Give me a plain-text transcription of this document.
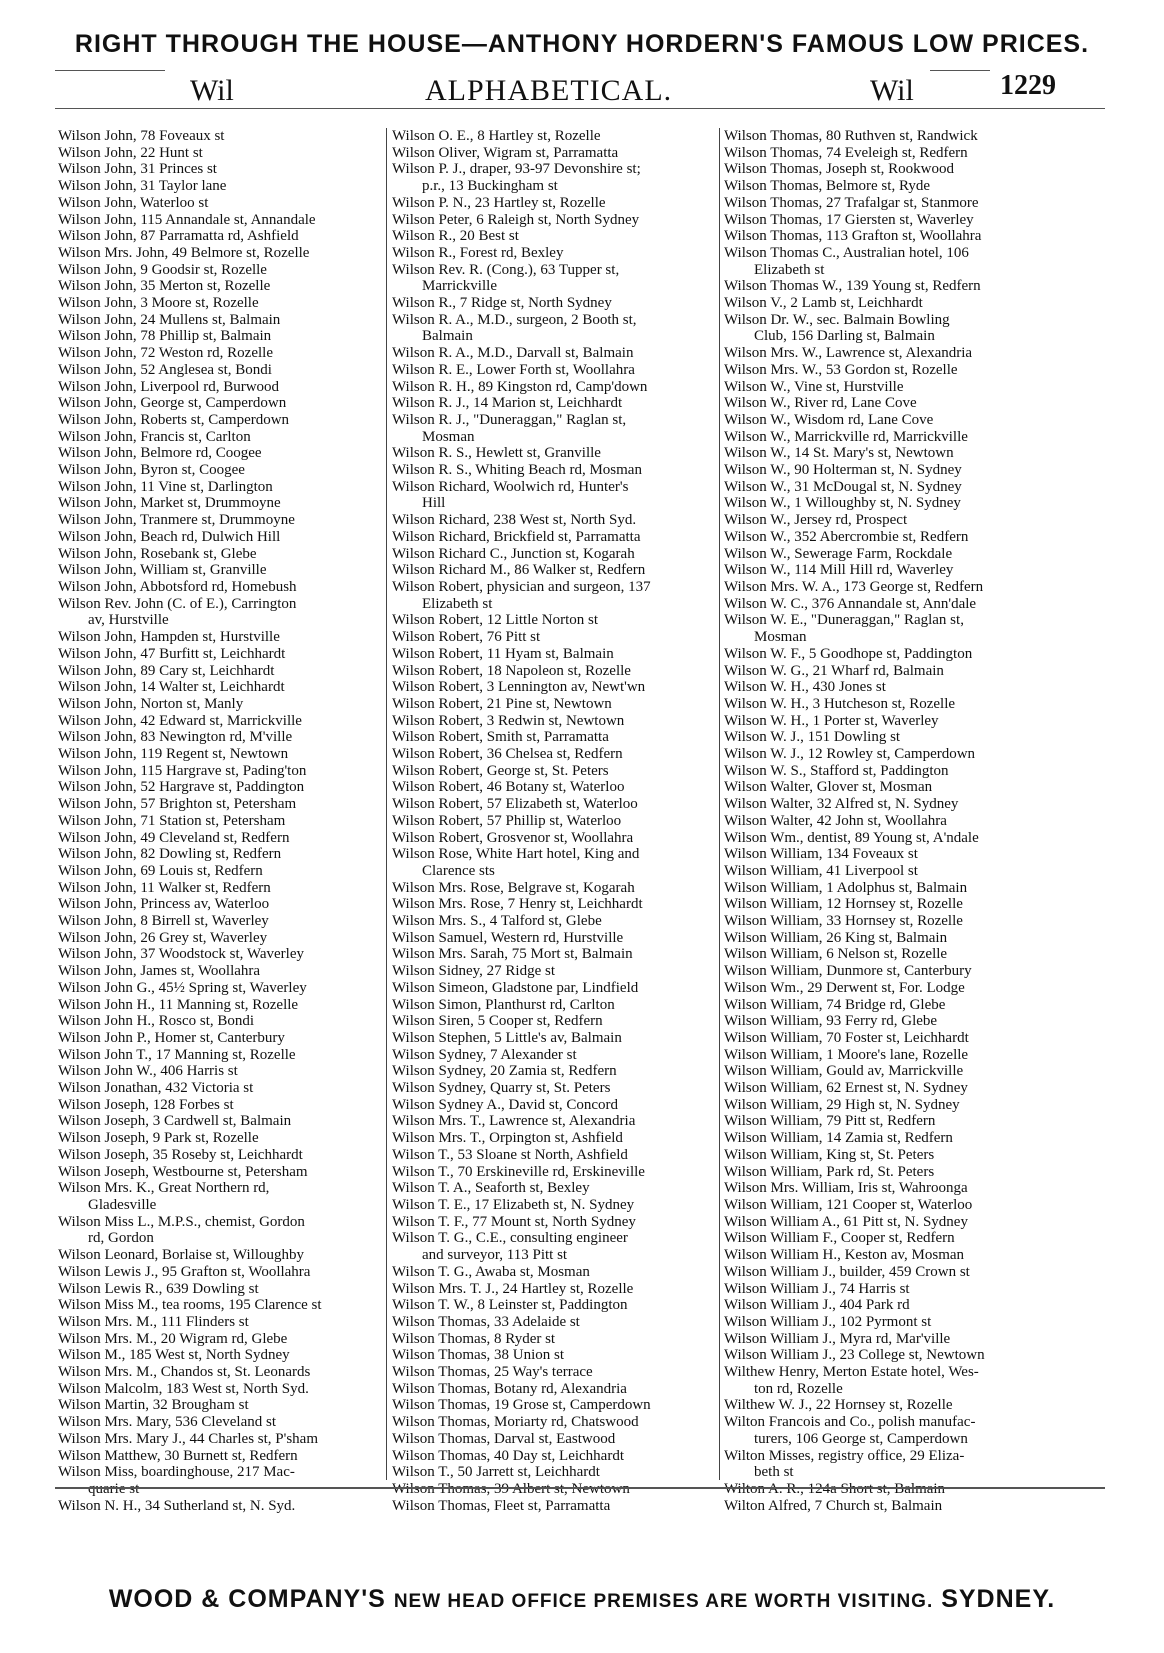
RIGHT THROUGH THE HOUSE—ANTHONY HORDERN'S FAMOUS LOW PRICES.
Wil	ALPHABETICAL.	Wil	1229
Wilson John, 78 Foveaux st
Wilson John, 22 Hunt st
Wilson John, 31 Princes st
Wilson John, 31 Taylor lane
Wilson John, Waterloo st
Wilson John, 115 Annandale st, Annandale
Wilson John, 87 Parramatta rd, Ashfield
Wilson Mrs. John, 49 Belmore st, Rozelle
Wilson John, 9 Goodsir st, Rozelle
Wilson John, 35 Merton st, Rozelle
Wilson John, 3 Moore st, Rozelle
Wilson John, 24 Mullens st, Balmain
Wilson John, 78 Phillip st, Balmain
Wilson John, 72 Weston rd, Rozelle
Wilson John, 52 Anglesea st, Bondi
Wilson John, Liverpool rd, Burwood
Wilson John, George st, Camperdown
Wilson John, Roberts st, Camperdown
Wilson John, Francis st, Carlton
Wilson John, Belmore rd, Coogee
Wilson John, Byron st, Coogee
Wilson John, 11 Vine st, Darlington
Wilson John, Market st, Drummoyne
Wilson John, Tranmere st, Drummoyne
Wilson John, Beach rd, Dulwich Hill
Wilson John, Rosebank st, Glebe
Wilson John, William st, Granville
Wilson John, Abbotsford rd, Homebush
Wilson Rev. John (C. of E.), Carrington
av, Hurstville
Wilson John, Hampden st, Hurstville
Wilson John, 47 Burfitt st, Leichhardt
Wilson John, 89 Cary st, Leichhardt
Wilson John, 14 Walter st, Leichhardt
Wilson John, Norton st, Manly
Wilson John, 42 Edward st, Marrickville
Wilson John, 83 Newington rd, M'ville
Wilson John, 119 Regent st, Newtown
Wilson John, 115 Hargrave st, Pading'ton
Wilson John, 52 Hargrave st, Paddington
Wilson John, 57 Brighton st, Petersham
Wilson John, 71 Station st, Petersham
Wilson John, 49 Cleveland st, Redfern
Wilson John, 82 Dowling st, Redfern
Wilson John, 69 Louis st, Redfern
Wilson John, 11 Walker st, Redfern
Wilson John, Princess av, Waterloo
Wilson John, 8 Birrell st, Waverley
Wilson John, 26 Grey st, Waverley
Wilson John, 37 Woodstock st, Waverley
Wilson John, James st, Woollahra
Wilson John G., 45½ Spring st, Waverley
Wilson John H., 11 Manning st, Rozelle
Wilson John H., Rosco st, Bondi
Wilson John P., Homer st, Canterbury
Wilson John T., 17 Manning st, Rozelle
Wilson John W., 406 Harris st
Wilson Jonathan, 432 Victoria st
Wilson Joseph, 128 Forbes st
Wilson Joseph, 3 Cardwell st, Balmain
Wilson Joseph, 9 Park st, Rozelle
Wilson Joseph, 35 Roseby st, Leichhardt
Wilson Joseph, Westbourne st, Petersham
Wilson Mrs. K., Great Northern rd,
Gladesville
Wilson Miss L., M.P.S., chemist, Gordon
rd, Gordon
Wilson Leonard, Borlaise st, Willoughby
Wilson Lewis J., 95 Grafton st, Woollahra
Wilson Lewis R., 639 Dowling st
Wilson Miss M., tea rooms, 195 Clarence st
Wilson Mrs. M., 111 Flinders st
Wilson Mrs. M., 20 Wigram rd, Glebe
Wilson M., 185 West st, North Sydney
Wilson Mrs. M., Chandos st, St. Leonards
Wilson Malcolm, 183 West st, North Syd.
Wilson Martin, 32 Brougham st
Wilson Mrs. Mary, 536 Cleveland st
Wilson Mrs. Mary J., 44 Charles st, P'sham
Wilson Matthew, 30 Burnett st, Redfern
Wilson Miss, boardinghouse, 217 Mac-
quarie st
Wilson N. H., 34 Sutherland st, N. Syd.
Wilson O. E., 8 Hartley st, Rozelle
Wilson Oliver, Wigram st, Parramatta
Wilson P. J., draper, 93-97 Devonshire st;
p.r., 13 Buckingham st
Wilson P. N., 23 Hartley st, Rozelle
Wilson Peter, 6 Raleigh st, North Sydney
Wilson R., 20 Best st
Wilson R., Forest rd, Bexley
Wilson Rev. R. (Cong.), 63 Tupper st,
Marrickville
Wilson R., 7 Ridge st, North Sydney
Wilson R. A., M.D., surgeon, 2 Booth st,
Balmain
Wilson R. A., M.D., Darvall st, Balmain
Wilson R. E., Lower Forth st, Woollahra
Wilson R. H., 89 Kingston rd, Camp'down
Wilson R. J., 14 Marion st, Leichhardt
Wilson R. J., "Duneraggan," Raglan st,
Mosman
Wilson R. S., Hewlett st, Granville
Wilson R. S., Whiting Beach rd, Mosman
Wilson Richard, Woolwich rd, Hunter's
Hill
Wilson Richard, 238 West st, North Syd.
Wilson Richard, Brickfield st, Parramatta
Wilson Richard C., Junction st, Kogarah
Wilson Richard M., 86 Walker st, Redfern
Wilson Robert, physician and surgeon, 137
Elizabeth st
Wilson Robert, 12 Little Norton st
Wilson Robert, 76 Pitt st
Wilson Robert, 11 Hyam st, Balmain
Wilson Robert, 18 Napoleon st, Rozelle
Wilson Robert, 3 Lennington av, Newt'wn
Wilson Robert, 21 Pine st, Newtown
Wilson Robert, 3 Redwin st, Newtown
Wilson Robert, Smith st, Parramatta
Wilson Robert, 36 Chelsea st, Redfern
Wilson Robert, George st, St. Peters
Wilson Robert, 46 Botany st, Waterloo
Wilson Robert, 57 Elizabeth st, Waterloo
Wilson Robert, 57 Phillip st, Waterloo
Wilson Robert, Grosvenor st, Woollahra
Wilson Rose, White Hart hotel, King and
Clarence sts
Wilson Mrs. Rose, Belgrave st, Kogarah
Wilson Mrs. Rose, 7 Henry st, Leichhardt
Wilson Mrs. S., 4 Talford st, Glebe
Wilson Samuel, Western rd, Hurstville
Wilson Mrs. Sarah, 75 Mort st, Balmain
Wilson Sidney, 27 Ridge st
Wilson Simeon, Gladstone par, Lindfield
Wilson Simon, Planthurst rd, Carlton
Wilson Siren, 5 Cooper st, Redfern
Wilson Stephen, 5 Little's av, Balmain
Wilson Sydney, 7 Alexander st
Wilson Sydney, 20 Zamia st, Redfern
Wilson Sydney, Quarry st, St. Peters
Wilson Sydney A., David st, Concord
Wilson Mrs. T., Lawrence st, Alexandria
Wilson Mrs. T., Orpington st, Ashfield
Wilson T., 53 Sloane st North, Ashfield
Wilson T., 70 Erskineville rd, Erskineville
Wilson T. A., Seaforth st, Bexley
Wilson T. E., 17 Elizabeth st, N. Sydney
Wilson T. F., 77 Mount st, North Sydney
Wilson T. G., C.E., consulting engineer
and surveyor, 113 Pitt st
Wilson T. G., Awaba st, Mosman
Wilson Mrs. T. J., 24 Hartley st, Rozelle
Wilson T. W., 8 Leinster st, Paddington
Wilson Thomas, 33 Adelaide st
Wilson Thomas, 8 Ryder st
Wilson Thomas, 38 Union st
Wilson Thomas, 25 Way's terrace
Wilson Thomas, Botany rd, Alexandria
Wilson Thomas, 19 Grose st, Camperdown
Wilson Thomas, Moriarty rd, Chatswood
Wilson Thomas, Darval st, Eastwood
Wilson Thomas, 40 Day st, Leichhardt
Wilson T., 50 Jarrett st, Leichhardt
Wilson Thomas, 39 Albert st, Newtown
Wilson Thomas, Fleet st, Parramatta
Wilson Thomas, 80 Ruthven st, Randwick
Wilson Thomas, 74 Eveleigh st, Redfern
Wilson Thomas, Joseph st, Rookwood
Wilson Thomas, Belmore st, Ryde
Wilson Thomas, 27 Trafalgar st, Stanmore
Wilson Thomas, 17 Giersten st, Waverley
Wilson Thomas, 113 Grafton st, Woollahra
Wilson Thomas C., Australian hotel, 106
Elizabeth st
Wilson Thomas W., 139 Young st, Redfern
Wilson V., 2 Lamb st, Leichhardt
Wilson Dr. W., sec. Balmain Bowling
Club, 156 Darling st, Balmain
Wilson Mrs. W., Lawrence st, Alexandria
Wilson Mrs. W., 53 Gordon st, Rozelle
Wilson W., Vine st, Hurstville
Wilson W., River rd, Lane Cove
Wilson W., Wisdom rd, Lane Cove
Wilson W., Marrickville rd, Marrickville
Wilson W., 14 St. Mary's st, Newtown
Wilson W., 90 Holterman st, N. Sydney
Wilson W., 31 McDougal st, N. Sydney
Wilson W., 1 Willoughby st, N. Sydney
Wilson W., Jersey rd, Prospect
Wilson W., 352 Abercrombie st, Redfern
Wilson W., Sewerage Farm, Rockdale
Wilson W., 114 Mill Hill rd, Waverley
Wilson Mrs. W. A., 173 George st, Redfern
Wilson W. C., 376 Annandale st, Ann'dale
Wilson W. E., "Duneraggan," Raglan st,
Mosman
Wilson W. F., 5 Goodhope st, Paddington
Wilson W. G., 21 Wharf rd, Balmain
Wilson W. H., 430 Jones st
Wilson W. H., 3 Hutcheson st, Rozelle
Wilson W. H., 1 Porter st, Waverley
Wilson W. J., 151 Dowling st
Wilson W. J., 12 Rowley st, Camperdown
Wilson W. S., Stafford st, Paddington
Wilson Walter, Glover st, Mosman
Wilson Walter, 32 Alfred st, N. Sydney
Wilson Walter, 42 John st, Woollahra
Wilson Wm., dentist, 89 Young st, A'ndale
Wilson William, 134 Foveaux st
Wilson William, 41 Liverpool st
Wilson William, 1 Adolphus st, Balmain
Wilson William, 12 Hornsey st, Rozelle
Wilson William, 33 Hornsey st, Rozelle
Wilson William, 26 King st, Balmain
Wilson William, 6 Nelson st, Rozelle
Wilson William, Dunmore st, Canterbury
Wilson Wm., 29 Derwent st, For. Lodge
Wilson William, 74 Bridge rd, Glebe
Wilson William, 93 Ferry rd, Glebe
Wilson William, 70 Foster st, Leichhardt
Wilson William, 1 Moore's lane, Rozelle
Wilson William, Gould av, Marrickville
Wilson William, 62 Ernest st, N. Sydney
Wilson William, 29 High st, N. Sydney
Wilson William, 79 Pitt st, Redfern
Wilson William, 14 Zamia st, Redfern
Wilson William, King st, St. Peters
Wilson William, Park rd, St. Peters
Wilson Mrs. William, Iris st, Wahroonga
Wilson William, 121 Cooper st, Waterloo
Wilson William A., 61 Pitt st, N. Sydney
Wilson William F., Cooper st, Redfern
Wilson William H., Keston av, Mosman
Wilson William J., builder, 459 Crown st
Wilson William J., 74 Harris st
Wilson William J., 404 Park rd
Wilson William J., 102 Pyrmont st
Wilson William J., Myra rd, Mar'ville
Wilson William J., 23 College st, Newtown
Wilthew Henry, Merton Estate hotel, Wes-
ton rd, Rozelle
Wilthew W. J., 22 Hornsey st, Rozelle
Wilton Francois and Co., polish manufac-
turers, 106 George st, Camperdown
Wilton Misses, registry office, 29 Eliza-
beth st
Wilton A. R., 124a Short st, Balmain
Wilton Alfred, 7 Church st, Balmain
WOOD & COMPANY'S NEW HEAD OFFICE PREMISES ARE WORTH VISITING. SYDNEY.
